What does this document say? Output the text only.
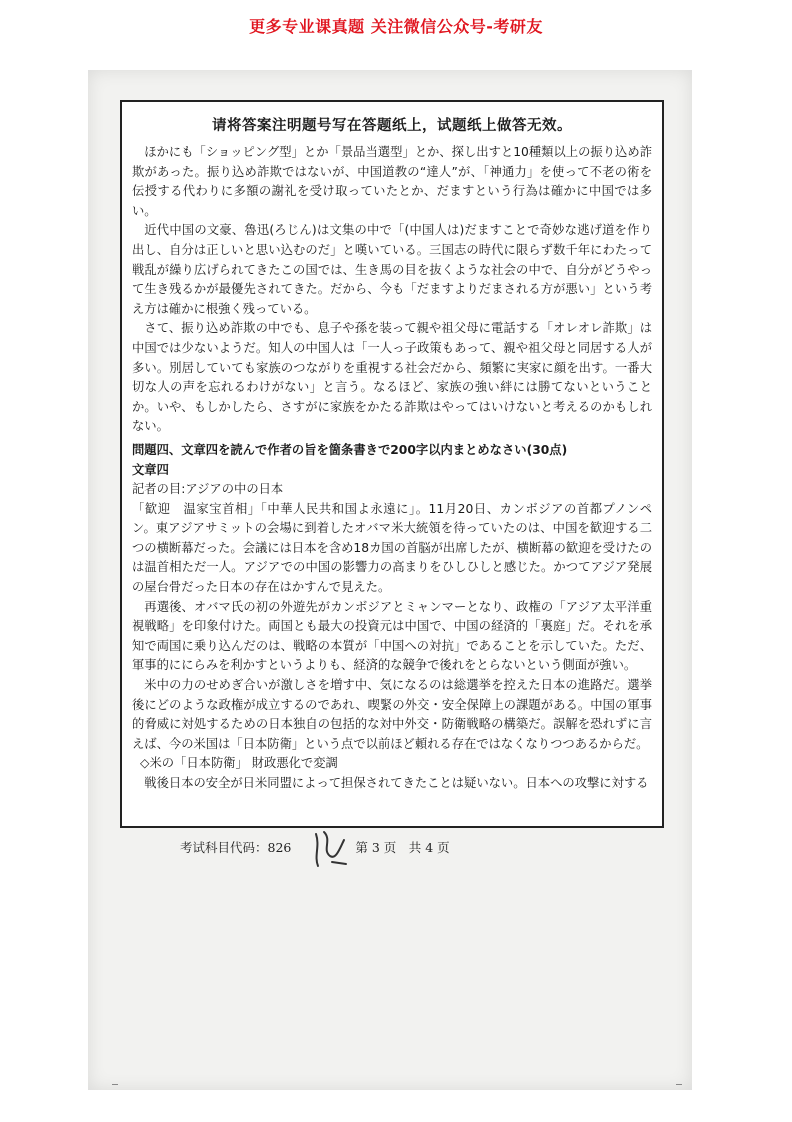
更多专业课真题 关注微信公众号-考研友
请将答案注明题号写在答题纸上，试题纸上做答无效。

ほかにも「ショッピング型」とか「景品当選型」とか、探し出すと10種類以上の振り込め詐欺があった。振り込め詐欺ではないが、中国道教の“達人”が、「神通力」を使って不老の術を伝授する代わりに多額の謝礼を受け取っていたとか、だますという行為は確かに中国では多い。

近代中国の文豪、魯迅(ろじん)は文集の中で「(中国人は)だますことで奇妙な逃げ道を作り出し、自分は正しいと思い込むのだ」と嘆いている。三国志の時代に限らず数千年にわたって戦乱が繰り広げられてきたこの国では、生き馬の目を抜くような社会の中で、自分がどうやって生き残るかが最優先されてきた。だから、今も「だますよりだまされる方が悪い」という考え方は確かに根強く残っている。

さて、振り込め詐欺の中でも、息子や孫を装って親や祖父母に電話する「オレオレ詐欺」は中国では少ないようだ。知人の中国人は「一人っ子政策もあって、親や祖父母と同居する人が多い。別居していても家族のつながりを重視する社会だから、頻繁に実家に顔を出す。一番大切な人の声を忘れるわけがない」と言う。なるほど、家族の強い絆には勝てないということか。いや、もしかしたら、さすがに家族をかたる詐欺はやってはいけないと考えるのかもしれない。

問題四、文章四を読んで作者の旨を箇条書きで200字以内まとめなさい(30点)

文章四

記者の目:アジアの中の日本

「歓迎　温家宝首相」「中華人民共和国よ永遠に」。11月20日、カンボジアの首都プノンペン。東アジアサミットの会場に到着したオバマ米大統領を待っていたのは、中国を歓迎する二つの横断幕だった。会議には日本を含め18カ国の首脳が出席したが、横断幕の歓迎を受けたのは温首相ただ一人。アジアでの中国の影響力の高まりをひしひしと感じた。かつてアジア発展の屋台骨だった日本の存在はかすんで見えた。

再選後、オバマ氏の初の外遊先がカンボジアとミャンマーとなり、政権の「アジア太平洋重視戦略」を印象付けた。両国とも最大の投資元は中国で、中国の経済的「裏庭」だ。それを承知で両国に乗り込んだのは、戦略の本質が「中国への対抗」であることを示していた。ただ、軍事的ににらみを利かすというよりも、経済的な競争で後れをとらないという側面が強い。

米中の力のせめぎ合いが激しさを増す中、気になるのは総選挙を控えた日本の進路だ。選挙後にどのような政権が成立するのであれ、喫緊の外交・安全保障上の課題がある。中国の軍事的脅威に対処するための日本独自の包括的な対中外交・防衛戦略の構築だ。誤解を恐れずに言えば、今の米国は「日本防衛」という点で以前ほど頼れる存在ではなくなりつつあるからだ。

◇米の「日本防衛」 財政悪化で変調

戦後日本の安全が日米同盟によって担保されてきたことは疑いない。日本への攻撃に対する

考试科目代码：826	第 3 页　共 4 页
